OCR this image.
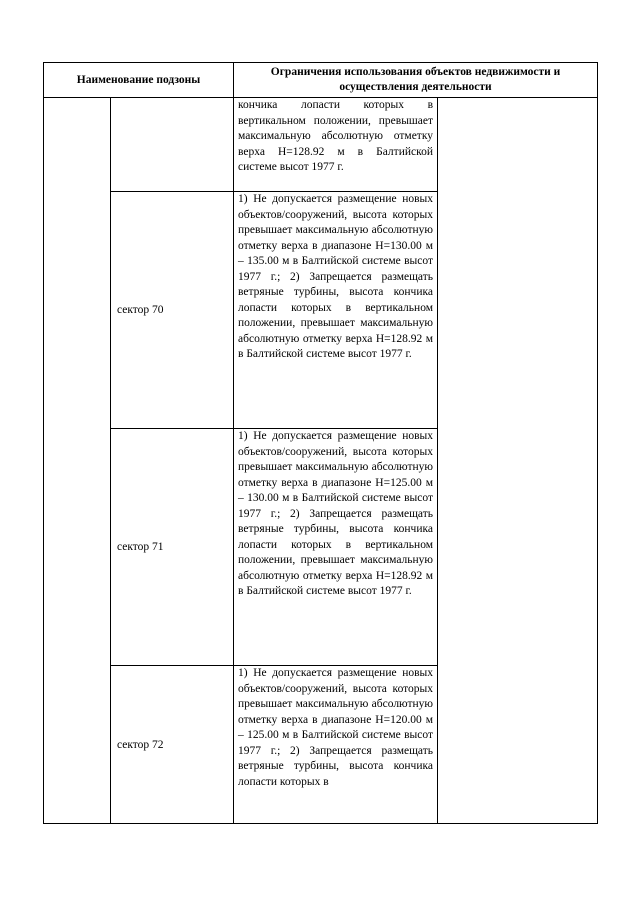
Наименование подзоны		Ограничения использования объектов недвижимости и
осуществления деятельности	

		кончика лопасти которых в вертикальном положении, превышает максимальную абсолютную отметку верха Н=128.92 м в Балтийской системе высот 1977 г.	
	сектор 70	1) Не допускается размещение новых объектов/сооружений, высота которых превышает максимальную абсолютную отметку верха в диапазоне Н=130.00 м – 135.00 м в Балтийской системе высот 1977 г.; 2) Запрещается размещать ветряные турбины, высота кончика лопасти которых в вертикальном положении, превышает максимальную абсолютную отметку верха Н=128.92 м в Балтийской системе высот 1977 г.	
	сектор 71	1) Не допускается размещение новых объектов/сооружений, высота которых превышает максимальную абсолютную отметку верха в диапазоне Н=125.00 м – 130.00 м в Балтийской системе высот 1977 г.; 2) Запрещается размещать ветряные турбины, высота кончика лопасти которых в вертикальном положении, превышает максимальную абсолютную отметку верха Н=128.92 м в Балтийской системе высот 1977 г.	
	сектор 72	1) Не допускается размещение новых объектов/сооружений, высота которых превышает максимальную абсолютную отметку верха в диапазоне Н=120.00 м – 125.00 м в Балтийской системе высот 1977 г.; 2) Запрещается размещать ветряные турбины, высота кончика лопасти которых в	
